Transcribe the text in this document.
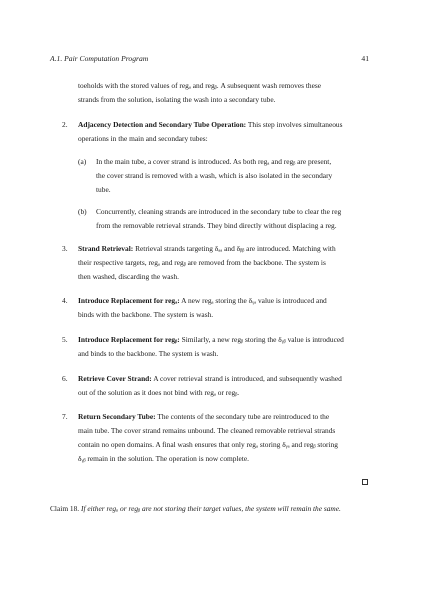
A.1. Pair Computation Program	41
toeholds with the stored values of regₐ and regᵦ. A subsequent wash removes these
strands from the solution, isolating the wash into a secondary tube.
2. Adjacency Detection and Secondary Tube Operation: This step involves simultaneous
operations in the main and secondary tubes:
(a) In the main tube, a cover strand is introduced. As both regₐ and regᵦ are present,
the cover strand is removed with a wash, which is also isolated in the secondary
tube.
(b) Concurrently, cleaning strands are introduced in the secondary tube to clear the reg
from the removable retrieval strands. They bind directly without displacing a reg.
3. Strand Retrieval: Retrieval strands targeting δₐₐ and δᵦᵦ are introduced. Matching with
their respective targets, regₐ and regᵦ are removed from the backbone. The system is
then washed, discarding the wash.
4. Introduce Replacement for regₐ: A new regₐ storing the δᵧₐ value is introduced and
binds with the backbone. The system is wash.
5. Introduce Replacement for regᵦ: Similarly, a new regᵦ storing the δᵧᵦ value is introduced
and binds to the backbone. The system is wash.
6. Retrieve Cover Strand: A cover retrieval strand is introduced, and subsequently washed
out of the solution as it does not bind with regₐ or regᵦ.
7. Return Secondary Tube: The contents of the secondary tube are reintroduced to the
main tube. The cover strand remains unbound. The cleaned removable retrieval strands
contain no open domains. A final wash ensures that only regₐ storing δᵧₐ and regᵦ storing
δᵧᵦ remain in the solution. The operation is now complete.
Claim 18. If either regₐ or regᵦ are not storing their target values, the system will remain the same.
